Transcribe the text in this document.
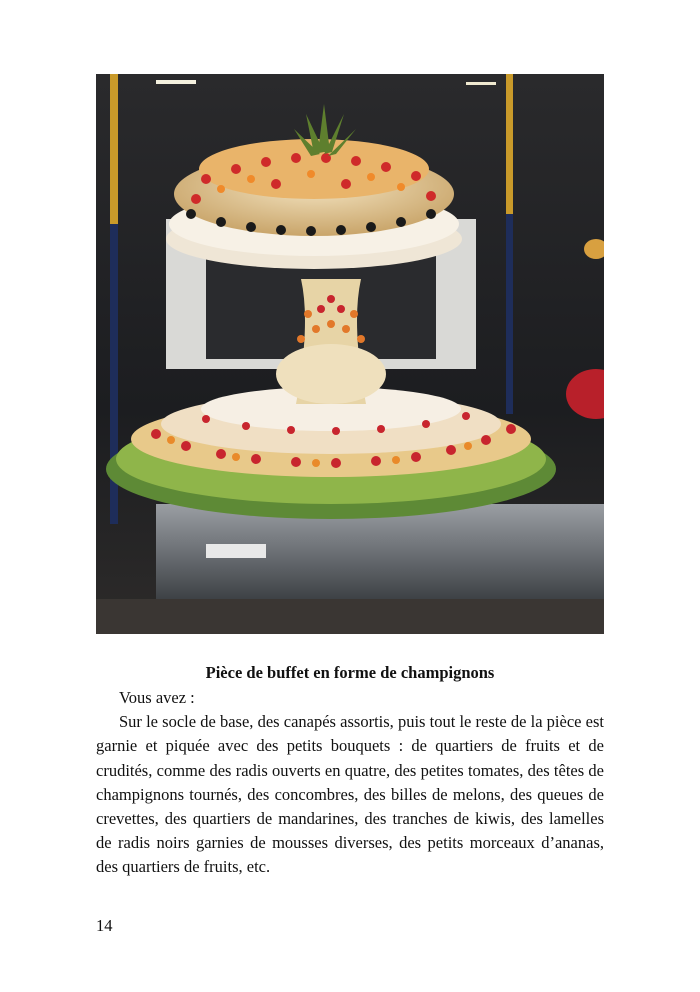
Pièce de buffet en forme de champignons

Vous avez :

Sur le socle de base, des canapés assortis, puis tout le reste de la pièce est garnie et piquée avec des petits bouquets : de quartiers de fruits et de crudités, comme des radis ouverts en quatre, des petites tomates, des têtes de champignons tournés, des concombres, des billes de melons, des queues de crevettes, des quartiers de mandarines, des tranches de kiwis, des lamelles de radis noirs garnies de mousses diverses, des petits morceaux d’ananas, des quartiers de fruits, etc.

14
